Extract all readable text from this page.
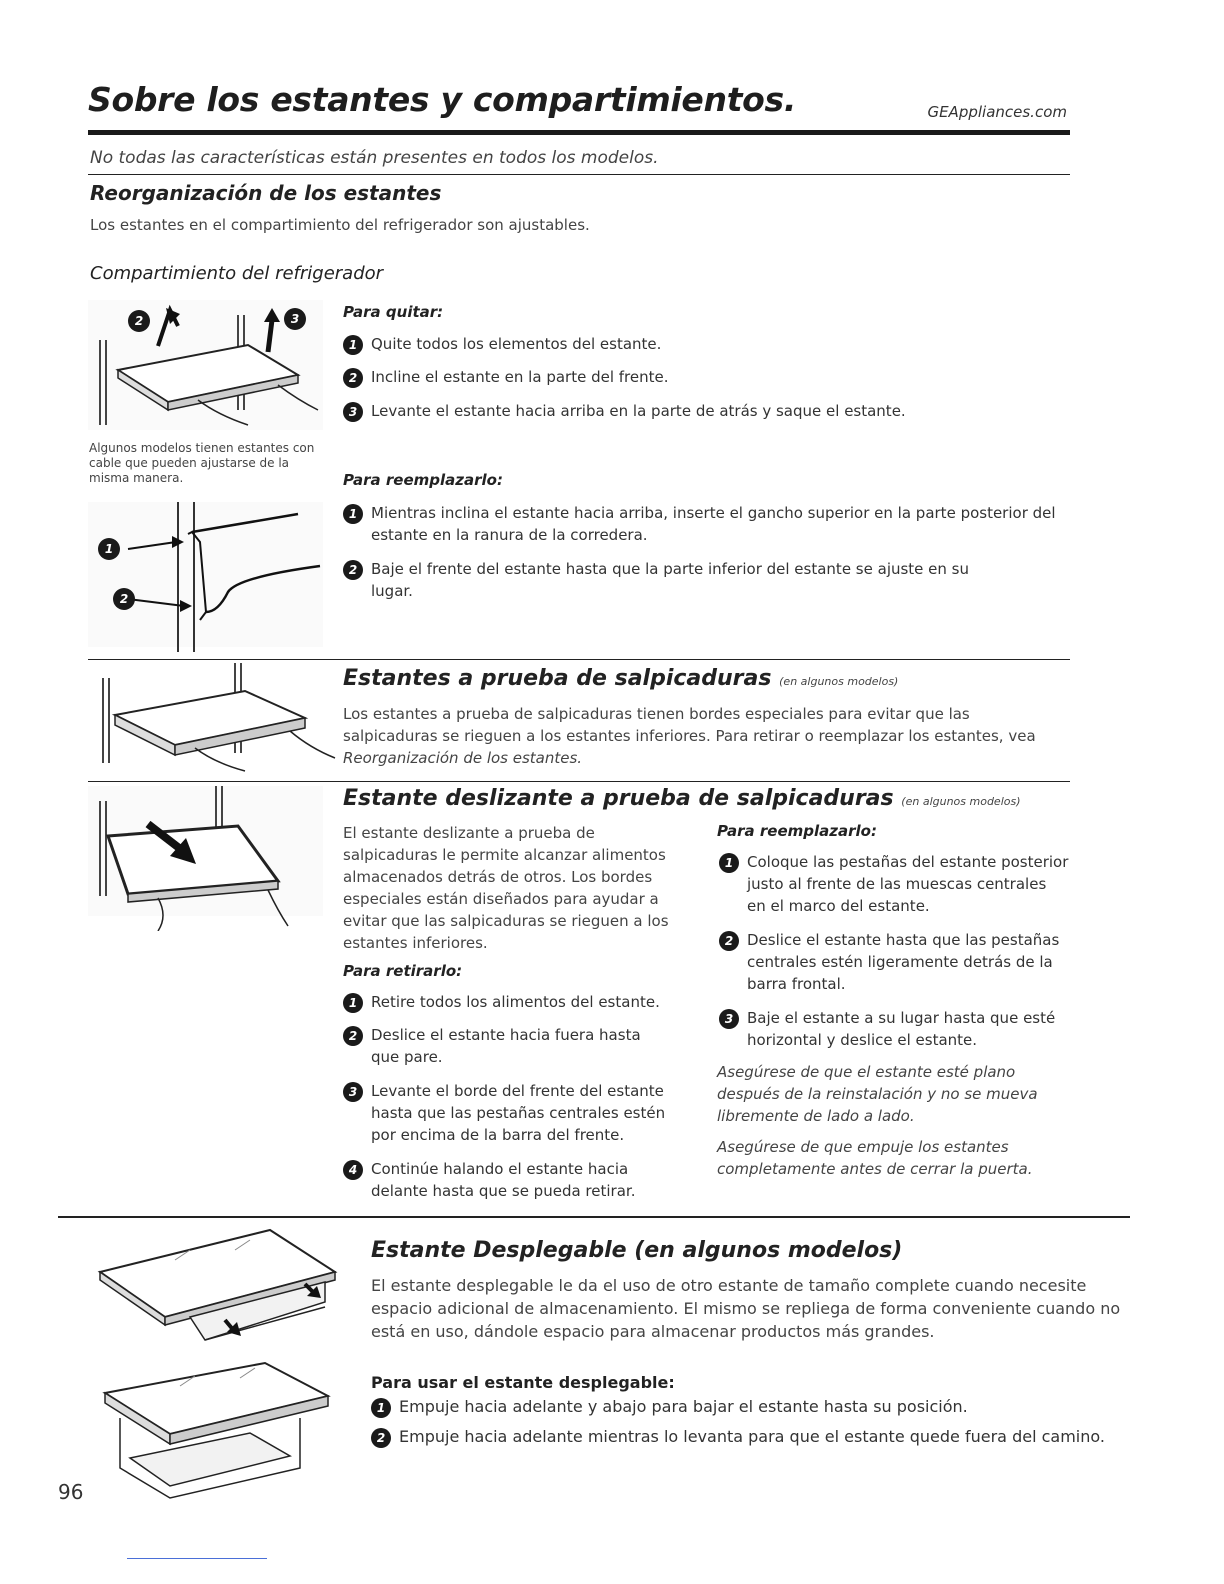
Sobre los estantes y compartimientos.	GEAppliances.com
No todas las características están presentes en todos los modelos.
Reorganización de los estantes
Los estantes en el compartimiento del refrigerador son ajustables.
Compartimiento del refrigerador
2	3
Algunos modelos tienen estantes con cable que pueden ajustarse de la misma manera.
1
2
Para quitar:
1 Quite todos los elementos del estante.
2 Incline el estante en la parte del frente.
3 Levante el estante hacia arriba en la parte de atrás y saque el estante.
Para reemplazarlo:
1 Mientras inclina el estante hacia arriba, inserte el gancho superior en la parte posterior del estante en la ranura de la corredera.
2 Baje el frente del estante hasta que la parte inferior del estante se ajuste en su lugar.
Estantes a prueba de salpicaduras (en algunos modelos)
Los estantes a prueba de salpicaduras tienen bordes especiales para evitar que las salpicaduras se rieguen a los estantes inferiores. Para retirar o reemplazar los estantes, vea Reorganización de los estantes.
Estante deslizante a prueba de salpicaduras (en algunos modelos)
El estante deslizante a prueba de salpicaduras le permite alcanzar alimentos almacenados detrás de otros. Los bordes especiales están diseñados para ayudar a evitar que las salpicaduras se rieguen a los estantes inferiores.
Para retirarlo:
1 Retire todos los alimentos del estante.
2 Deslice el estante hacia fuera hasta que pare.
3 Levante el borde del frente del estante hasta que las pestañas centrales estén por encima de la barra del frente.
4 Continúe halando el estante hacia delante hasta que se pueda retirar.
Para reemplazarlo:
1 Coloque las pestañas del estante posterior justo al frente de las muescas centrales en el marco del estante.
2 Deslice el estante hasta que las pestañas centrales estén ligeramente detrás de la barra frontal.
3 Baje el estante a su lugar hasta que esté horizontal y deslice el estante.
Asegúrese de que el estante esté plano después de la reinstalación y no se mueva libremente de lado a lado.
Asegúrese de que empuje los estantes completamente antes de cerrar la puerta.
Estante Desplegable (en algunos modelos)
El estante desplegable le da el uso de otro estante de tamaño complete cuando necesite espacio adicional de almacenamiento. El mismo se repliega de forma conveniente cuando no está en uso, dándole espacio para almacenar productos más grandes.
Para usar el estante desplegable:
1 Empuje hacia adelante y abajo para bajar el estante hasta su posición.
2 Empuje hacia adelante mientras lo levanta para que el estante quede fuera del camino.
96
